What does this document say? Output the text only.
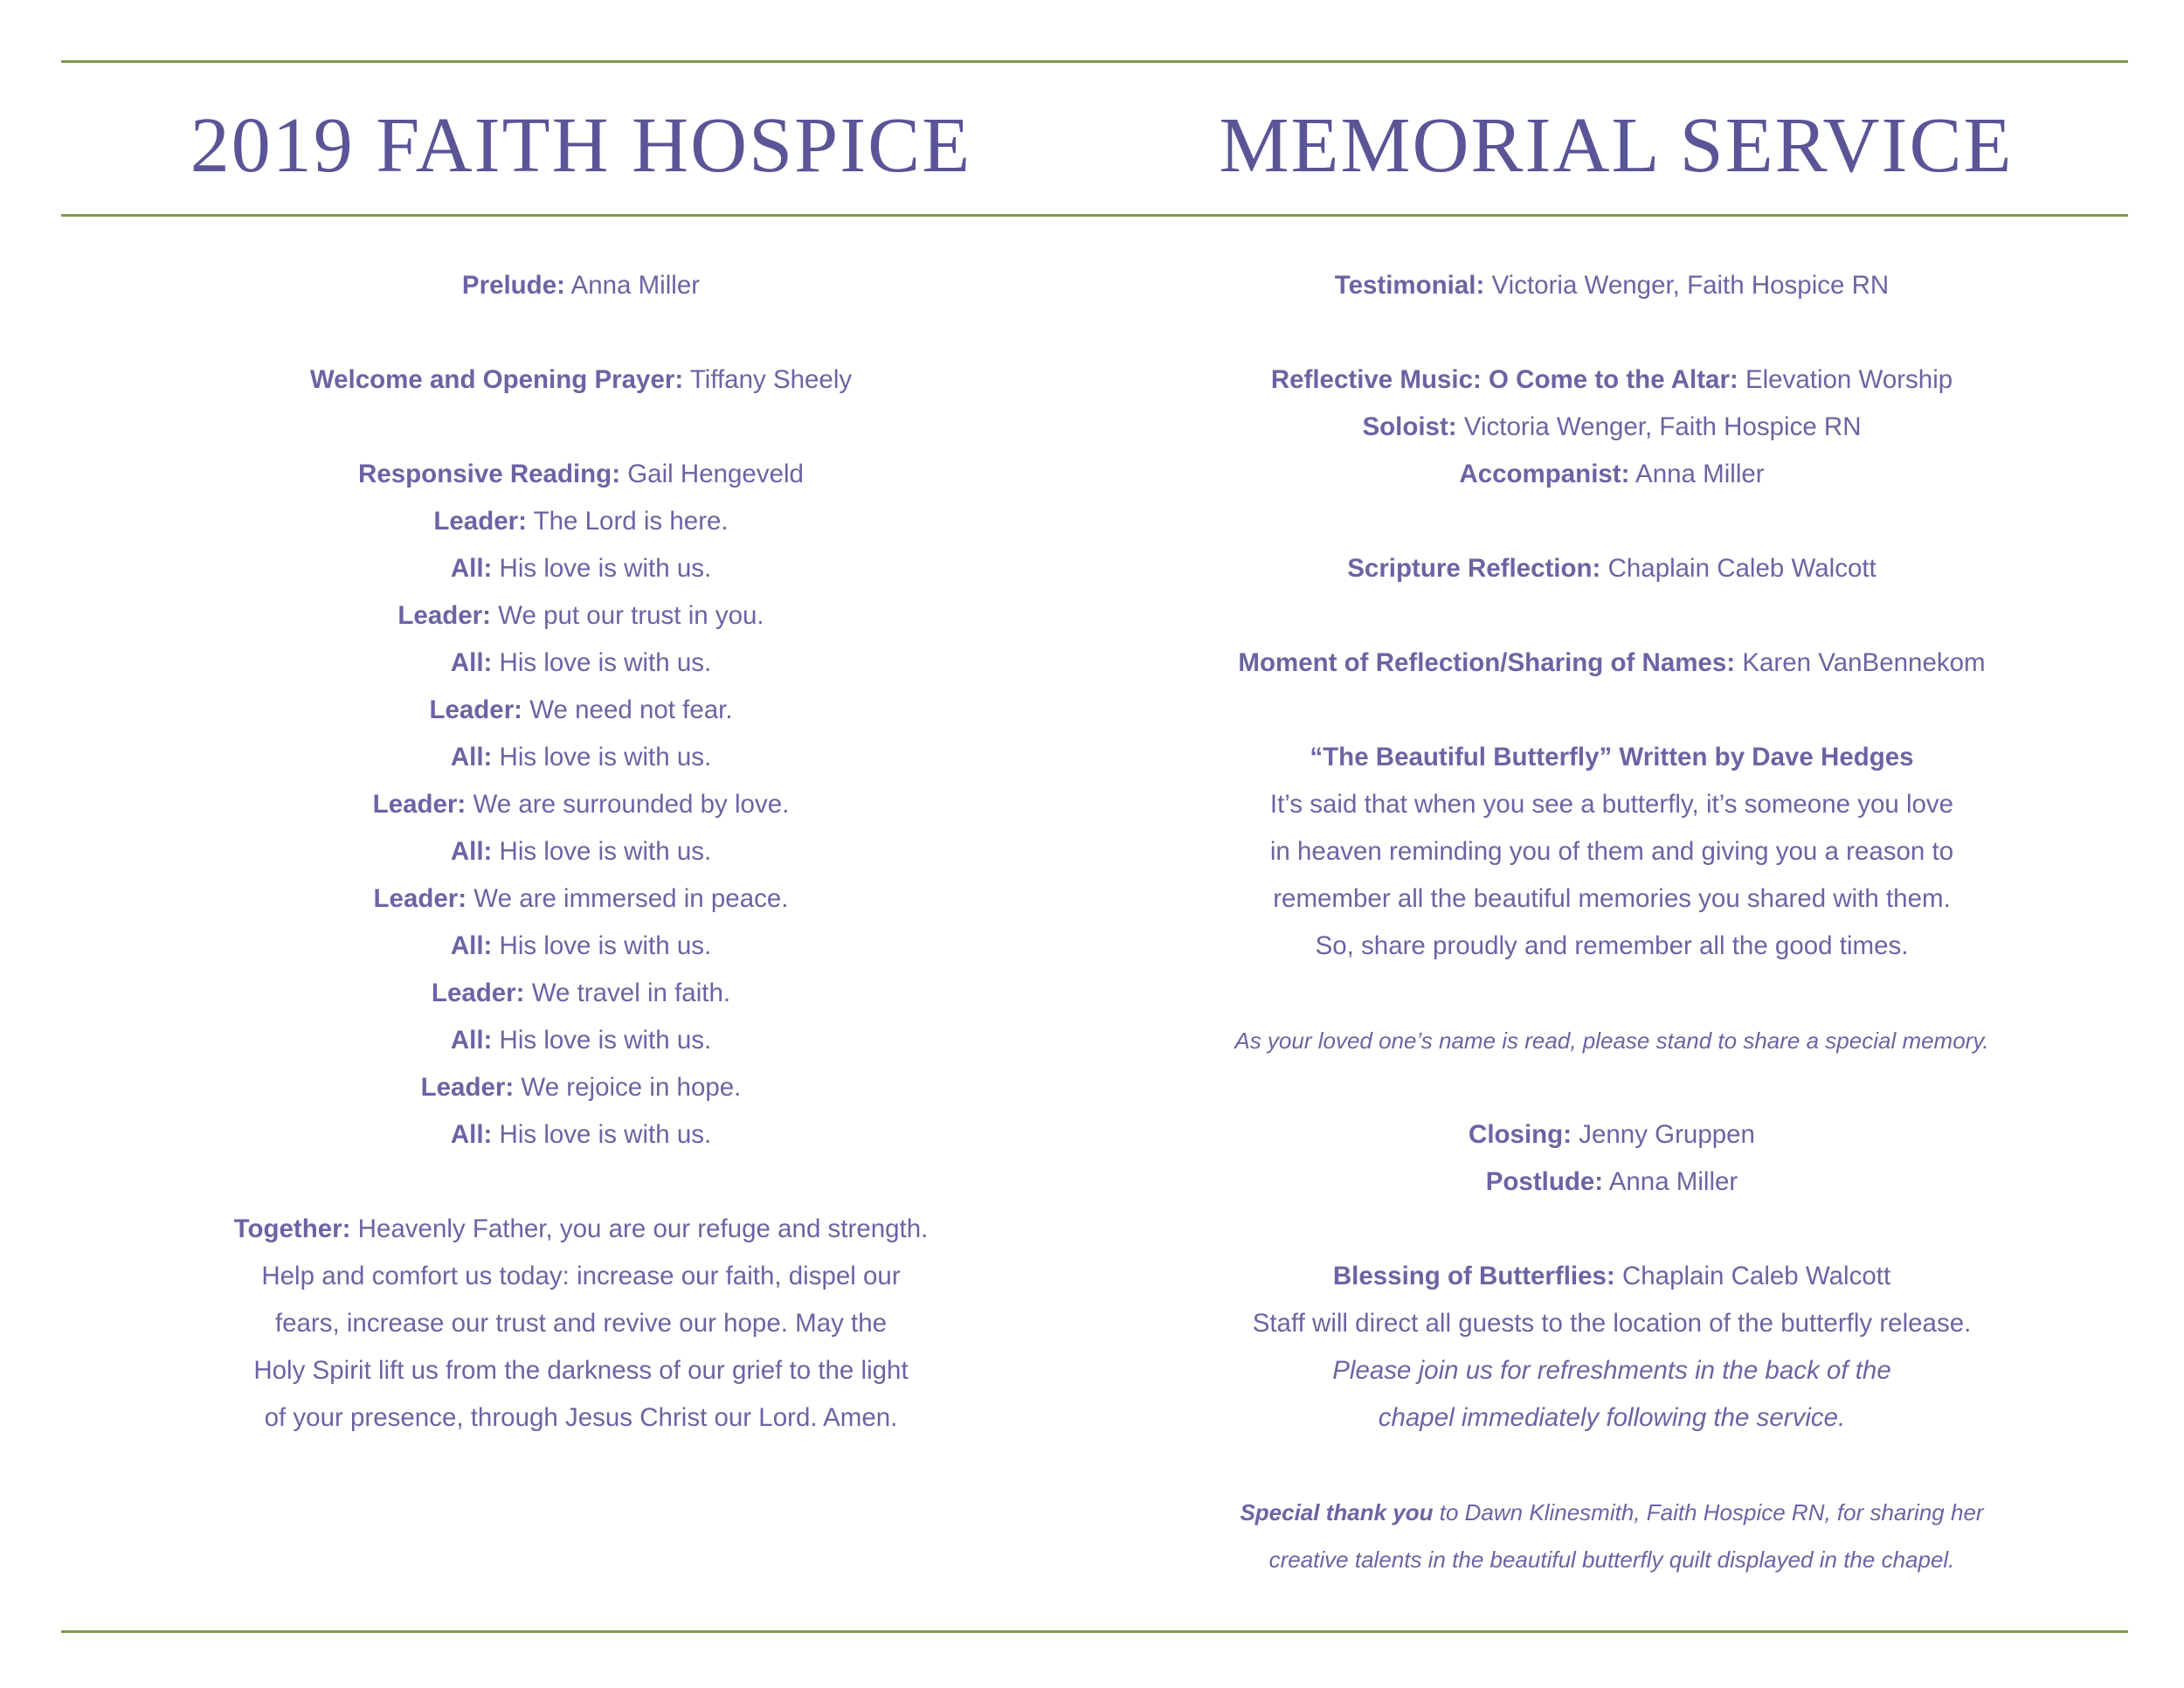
2019 FAITH HOSPICE	MEMORIAL SERVICE
Prelude: Anna Miller
Welcome and Opening Prayer: Tiffany Sheely
Responsive Reading: Gail Hengeveld
Leader: The Lord is here.
All: His love is with us.
Leader: We put our trust in you.
All: His love is with us.
Leader: We need not fear.
All: His love is with us.
Leader: We are surrounded by love.
All: His love is with us.
Leader: We are immersed in peace.
All: His love is with us.
Leader: We travel in faith.
All: His love is with us.
Leader: We rejoice in hope.
All: His love is with us.
Together: Heavenly Father, you are our refuge and strength.
Help and comfort us today: increase our faith, dispel our
fears, increase our trust and revive our hope. May the
Holy Spirit lift us from the darkness of our grief to the light
of your presence, through Jesus Christ our Lord. Amen.
Testimonial: Victoria Wenger, Faith Hospice RN
Reflective Music: O Come to the Altar: Elevation Worship
Soloist: Victoria Wenger, Faith Hospice RN
Accompanist: Anna Miller
Scripture Reflection: Chaplain Caleb Walcott
Moment of Reflection/Sharing of Names: Karen VanBennekom
“The Beautiful Butterfly” Written by Dave Hedges
It’s said that when you see a butterfly, it’s someone you love
in heaven reminding you of them and giving you a reason to
remember all the beautiful memories you shared with them.
So, share proudly and remember all the good times.
As your loved one’s name is read, please stand to share a special memory.
Closing: Jenny Gruppen
Postlude: Anna Miller
Blessing of Butterflies: Chaplain Caleb Walcott
Staff will direct all guests to the location of the butterfly release.
Please join us for refreshments in the back of the
chapel immediately following the service.
Special thank you to Dawn Klinesmith, Faith Hospice RN, for sharing her
creative talents in the beautiful butterfly quilt displayed in the chapel.
